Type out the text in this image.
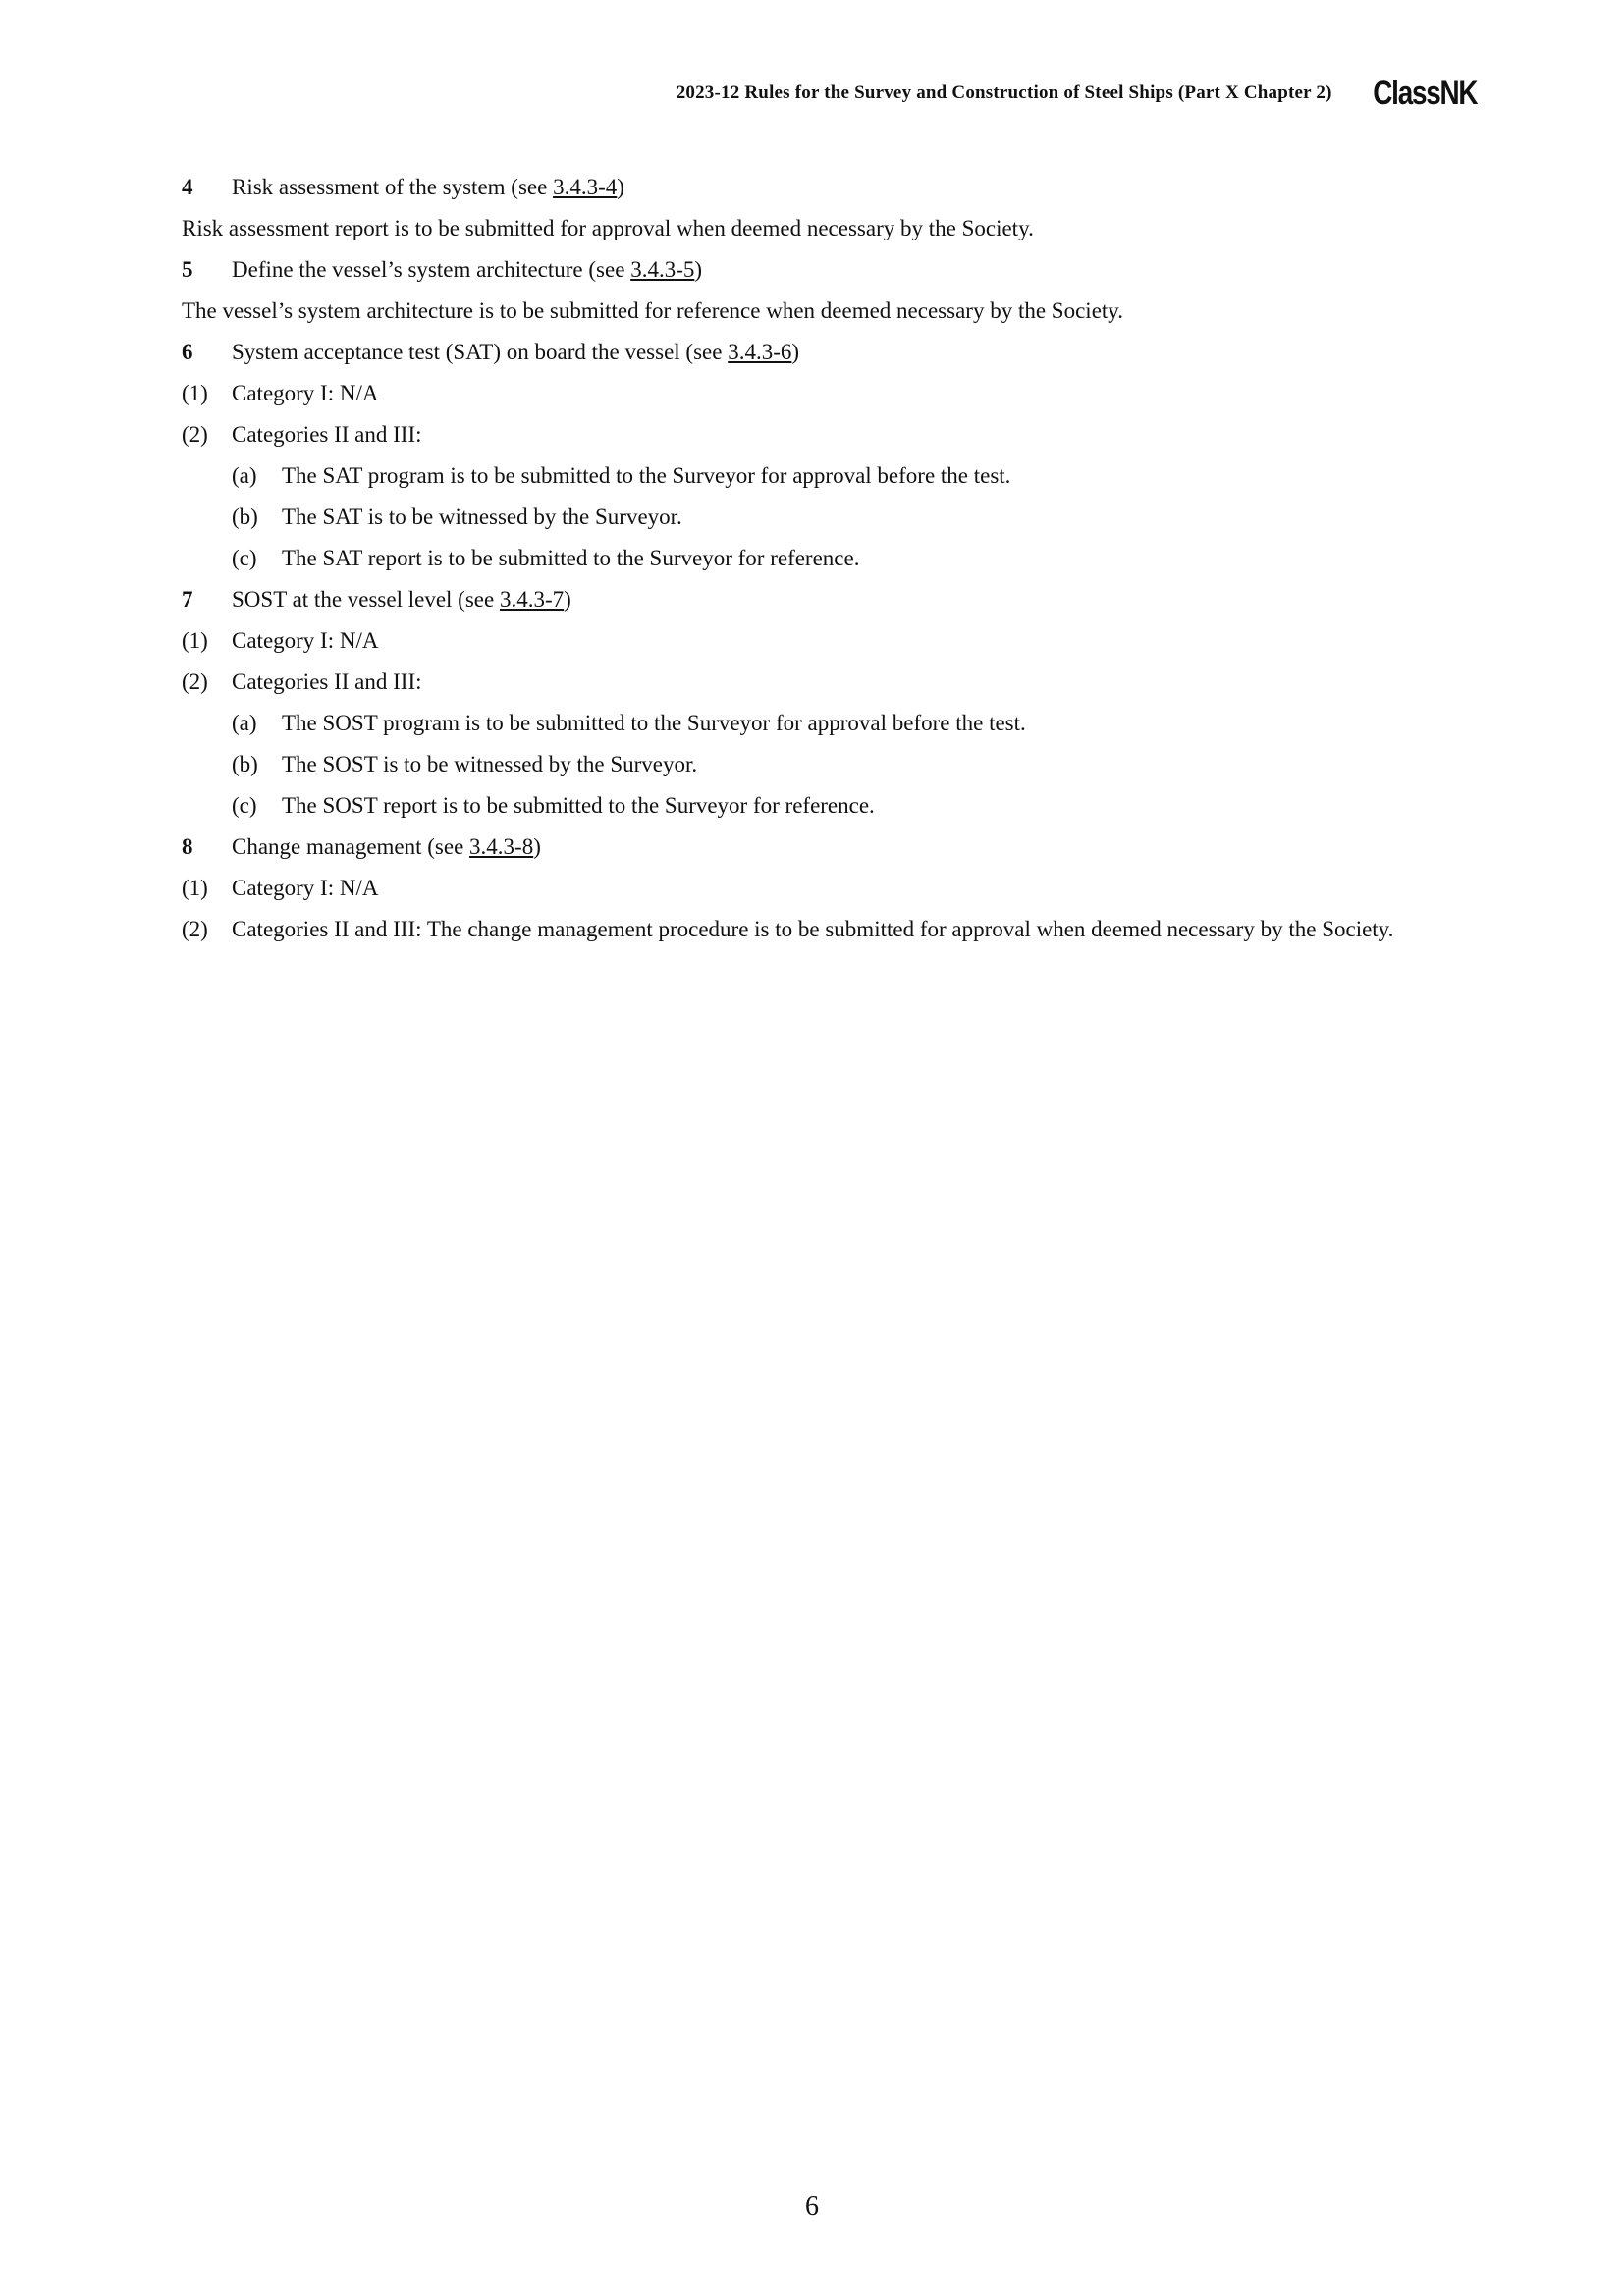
2023-12 Rules for the Survey and Construction of Steel Ships (Part X Chapter 2) ClassNK
4	Risk assessment of the system (see 3.4.3-4)
Risk assessment report is to be submitted for approval when deemed necessary by the Society.
5	Define the vessel’s system architecture (see 3.4.3-5)
The vessel’s system architecture is to be submitted for reference when deemed necessary by the Society.
6	System acceptance test (SAT) on board the vessel (see 3.4.3-6)
(1)	Category I: N/A
(2)	Categories II and III:
(a)	The SAT program is to be submitted to the Surveyor for approval before the test.
(b)	The SAT is to be witnessed by the Surveyor.
(c)	The SAT report is to be submitted to the Surveyor for reference.
7	SOST at the vessel level (see 3.4.3-7)
(1)	Category I: N/A
(2)	Categories II and III:
(a)	The SOST program is to be submitted to the Surveyor for approval before the test.
(b)	The SOST is to be witnessed by the Surveyor.
(c)	The SOST report is to be submitted to the Surveyor for reference.
8	Change management (see 3.4.3-8)
(1)	Category I: N/A
(2)	Categories II and III: The change management procedure is to be submitted for approval when deemed necessary by the Society.
6
